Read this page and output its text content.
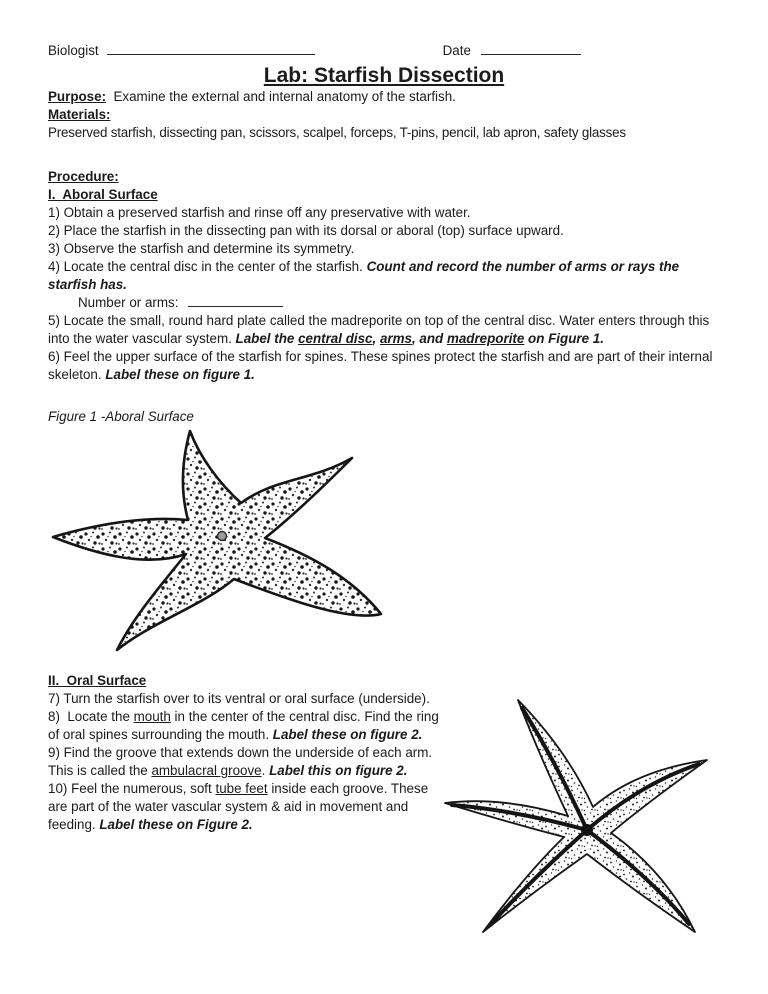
Biologist	Date
Lab: Starfish Dissection

Purpose:  Examine the external and internal anatomy of the starfish.

Materials:

Preserved starfish, dissecting pan, scissors, scalpel, forceps, T-pins, pencil, lab apron, safety glasses

Procedure:

I.  Aboral Surface

1) Obtain a preserved starfish and rinse off any preservative with water.

2) Place the starfish in the dissecting pan with its dorsal or aboral (top) surface upward.

3) Observe the starfish and determine its symmetry.

4) Locate the central disc in the center of the starfish. Count and record the number of arms or rays the starfish has.

Number or arms:

5) Locate the small, round hard plate called the madreporite on top of the central disc. Water enters through this into the water vascular system. Label the central disc, arms, and madreporite on Figure 1.

6) Feel the upper surface of the starfish for spines. These spines protect the starfish and are part of their internal skeleton. Label these on figure 1.

Figure 1 -Aboral Surface

II.  Oral Surface

7) Turn the starfish over to its ventral or oral surface (underside).

8)  Locate the mouth in the center of the central disc. Find the ring of oral spines surrounding the mouth. Label these on figure 2.

9) Find the groove that extends down the underside of each arm. This is called the ambulacral groove. Label this on figure 2.

10) Feel the numerous, soft tube feet inside each groove. These are part of the water vascular system & aid in movement and feeding. Label these on Figure 2.
